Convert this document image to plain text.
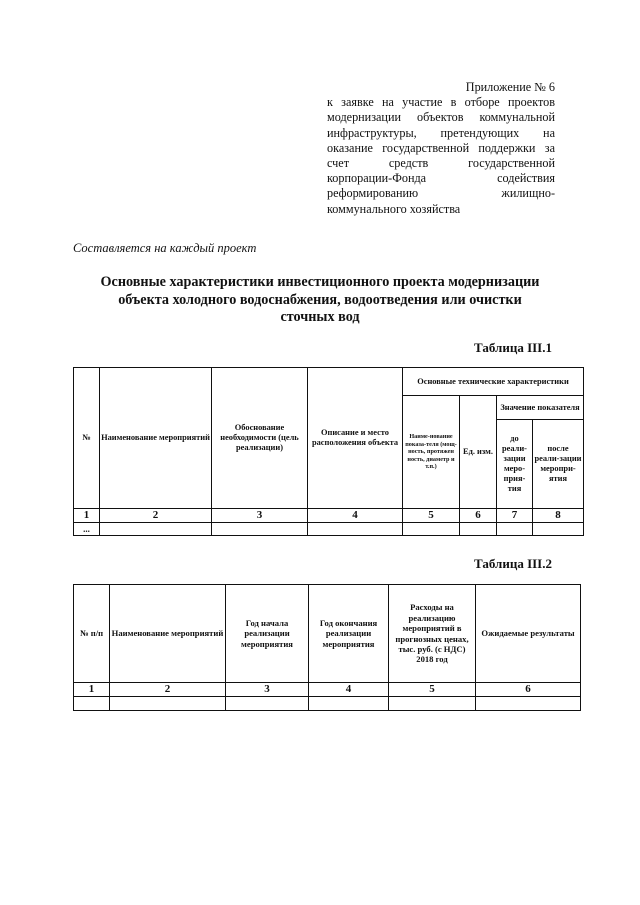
Приложение № 6
к заявке на участие в отборе проектов
модернизации объектов коммунальной
инфраструктуры, претендующих на
оказание государственной поддержки за
счет средств государственной
корпорации-Фонда содействия
реформированию жилищно-
коммунального хозяйства
Составляется на каждый проект
Основные характеристики инвестиционного проекта модернизации
объекта холодного водоснабжения, водоотведения или очистки
сточных вод
Таблица III.1
№	Наименование мероприятий	Обоснование необходимости (цель реализации)	Описание и место расположения объекта	Основные технические характеристики			
				Наиме-нование показа-теля (мощ-ность, протяжен ность, диаметр и т.п.)	Ед. изм.	Значение показателя	
						до реали-зации меро-прия-тия	после реали-зации меропри-ятия
1	2	3	4	5	6	7	8
...							
Таблица III.2
№ п/п	Наименование мероприятий	Год начала реализации мероприятия	Год окончания реализации мероприятия	Расходы на реализацию мероприятий в прогнозных ценах, тыс. руб. (с НДС) 2018 год	Ожидаемые результаты
1	2	3	4	5	6
